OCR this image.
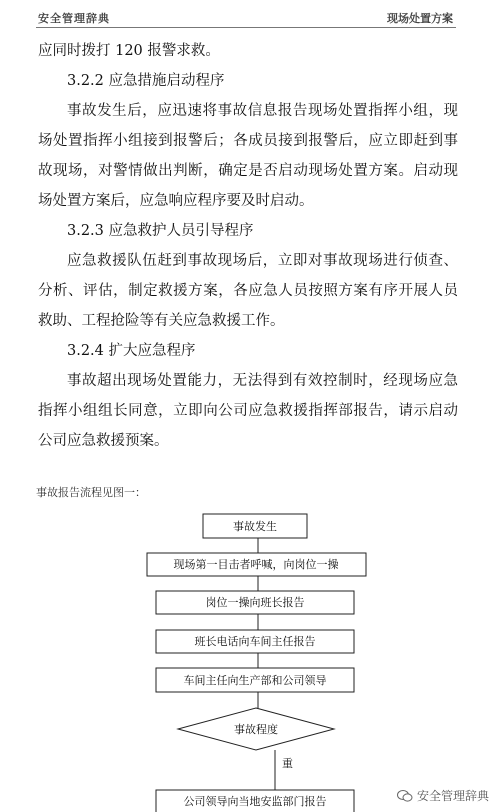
安全管理辞典	现场处置方案

应同时拨打 120 报警求救。

3.2.2 应急措施启动程序

事故发生后，应迅速将事故信息报告现场处置指挥小组，现场处置指挥小组接到报警后；各成员接到报警后，应立即赶到事故现场，对警情做出判断，确定是否启动现场处置方案。启动现场处置方案后，应急响应程序要及时启动。

3.2.3 应急救护人员引导程序

应急救援队伍赶到事故现场后，立即对事故现场进行侦查、分析、评估，制定救援方案，各应急人员按照方案有序开展人员救助、工程抢险等有关应急救援工作。

3.2.4 扩大应急程序

事故超出现场处置能力，无法得到有效控制时，经现场应急指挥小组组长同意，立即向公司应急救援指挥部报告，请示启动公司应急救援预案。

事故报告流程见图一：
事故发生
现场第一目击者呼喊，向岗位一操
岗位一操向班长报告
班长电话向车间主任报告
车间主任向生产部和公司领导
事故程度
重
公司领导向当地安监部门报告	安全管理辞典
